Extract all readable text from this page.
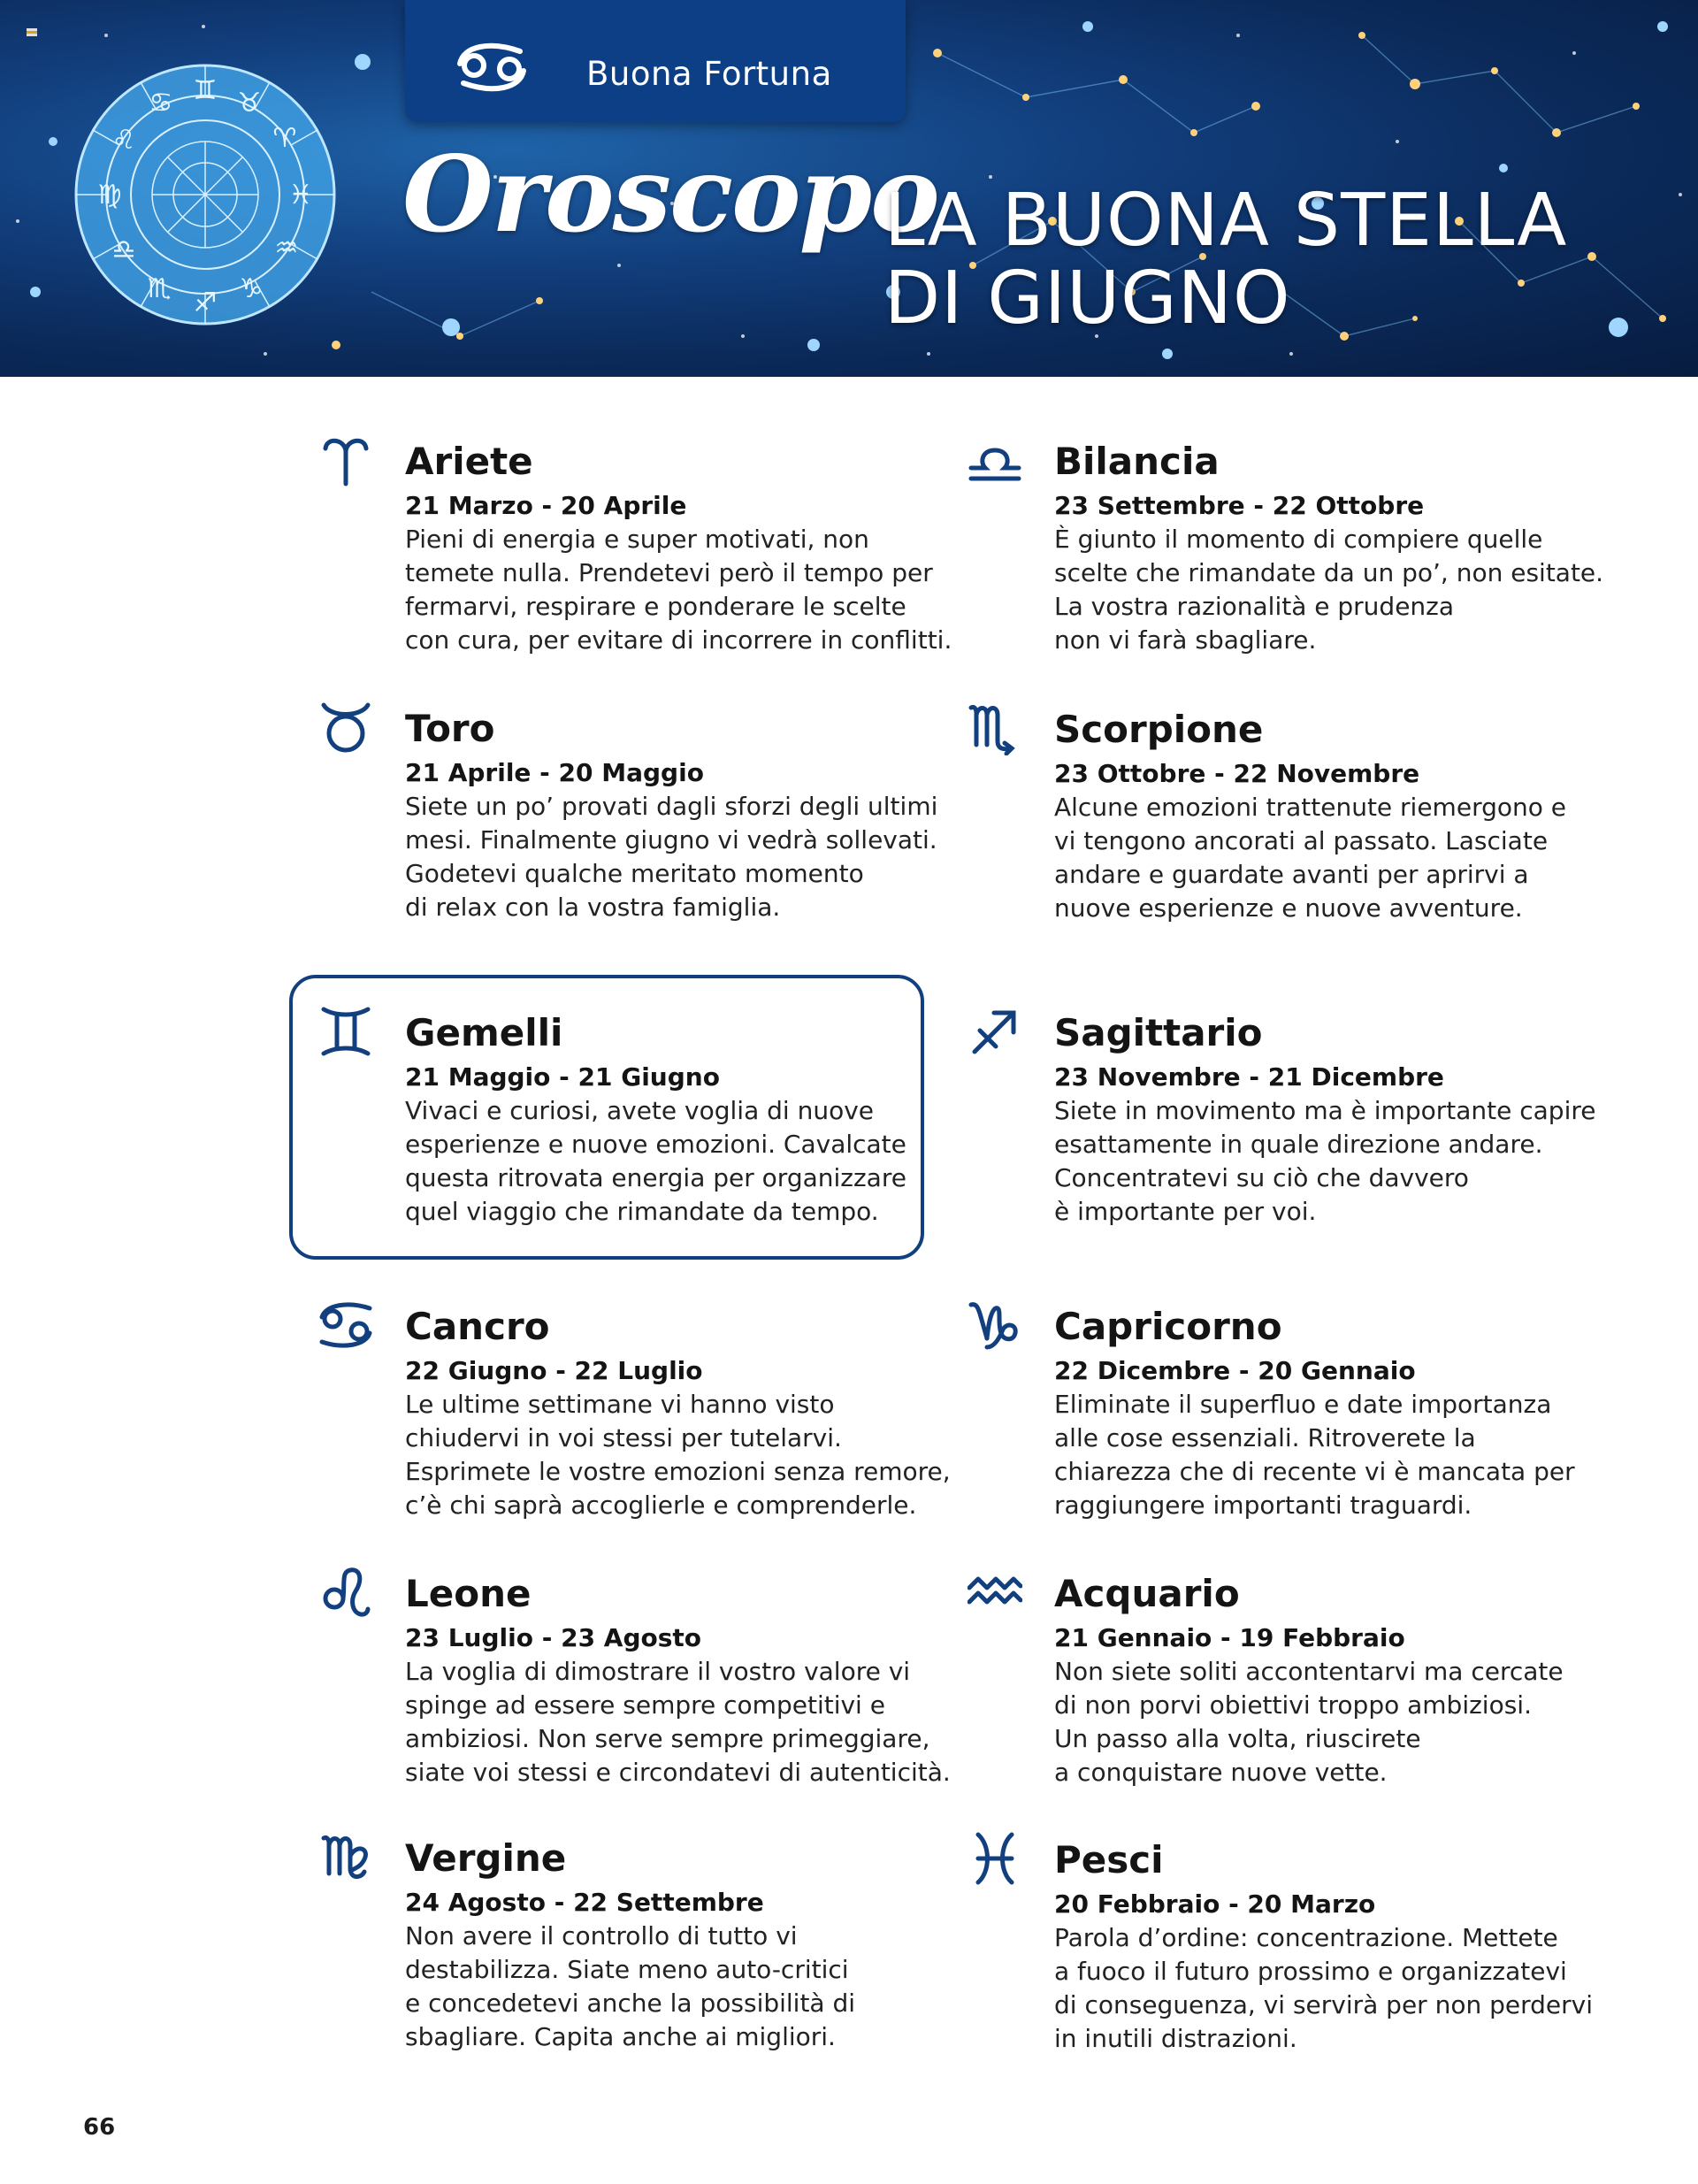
♊ ♉
♈
♓
♒
♑
♐
♏
♎
♍
♌
♋
Buona Fortuna
Oroscopo
LA BUONA STELLA
DI GIUGNO
Ariete
21 Marzo - 20 Aprile
Pieni di energia e super motivati, non
temete nulla. Prendetevi però il tempo per
fermarvi, respirare e ponderare le scelte
con cura, per evitare di incorrere in conflitti.
Toro
21 Aprile - 20 Maggio
Siete un po’ provati dagli sforzi degli ultimi
mesi. Finalmente giugno vi vedrà sollevati.
Godetevi qualche meritato momento
di relax con la vostra famiglia.
Gemelli
21 Maggio - 21 Giugno
Vivaci e curiosi, avete voglia di nuove
esperienze e nuove emozioni. Cavalcate
questa ritrovata energia per organizzare
quel viaggio che rimandate da tempo.
Cancro
22 Giugno - 22 Luglio
Le ultime settimane vi hanno visto
chiudervi in voi stessi per tutelarvi.
Esprimete le vostre emozioni senza remore,
c’è chi saprà accoglierle e comprenderle.
Leone
23 Luglio - 23 Agosto
La voglia di dimostrare il vostro valore vi
spinge ad essere sempre competitivi e
ambiziosi. Non serve sempre primeggiare,
siate voi stessi e circondatevi di autenticità.
Vergine
24 Agosto - 22 Settembre
Non avere il controllo di tutto vi
destabilizza. Siate meno auto-critici
e concedetevi anche la possibilità di
sbagliare. Capita anche ai migliori.
Bilancia
23 Settembre - 22 Ottobre
È giunto il momento di compiere quelle
scelte che rimandate da un po’, non esitate.
La vostra razionalità e prudenza
non vi farà sbagliare.
Scorpione
23 Ottobre - 22 Novembre
Alcune emozioni trattenute riemergono e
vi tengono ancorati al passato. Lasciate
andare e guardate avanti per aprirvi a
nuove esperienze e nuove avventure.
Sagittario
23 Novembre - 21 Dicembre
Siete in movimento ma è importante capire
esattamente in quale direzione andare.
Concentratevi su ciò che davvero
è importante per voi.
Capricorno
22 Dicembre - 20 Gennaio
Eliminate il superfluo e date importanza
alle cose essenziali. Ritroverete la
chiarezza che di recente vi è mancata per
raggiungere importanti traguardi.
Acquario
21 Gennaio - 19 Febbraio
Non siete soliti accontentarvi ma cercate
di non porvi obiettivi troppo ambiziosi.
Un passo alla volta, riuscirete
a conquistare nuove vette.
Pesci
20 Febbraio - 20 Marzo
Parola d’ordine: concentrazione. Mettete
a fuoco il futuro prossimo e organizzatevi
di conseguenza, vi servirà per non perdervi
in inutili distrazioni.
66
